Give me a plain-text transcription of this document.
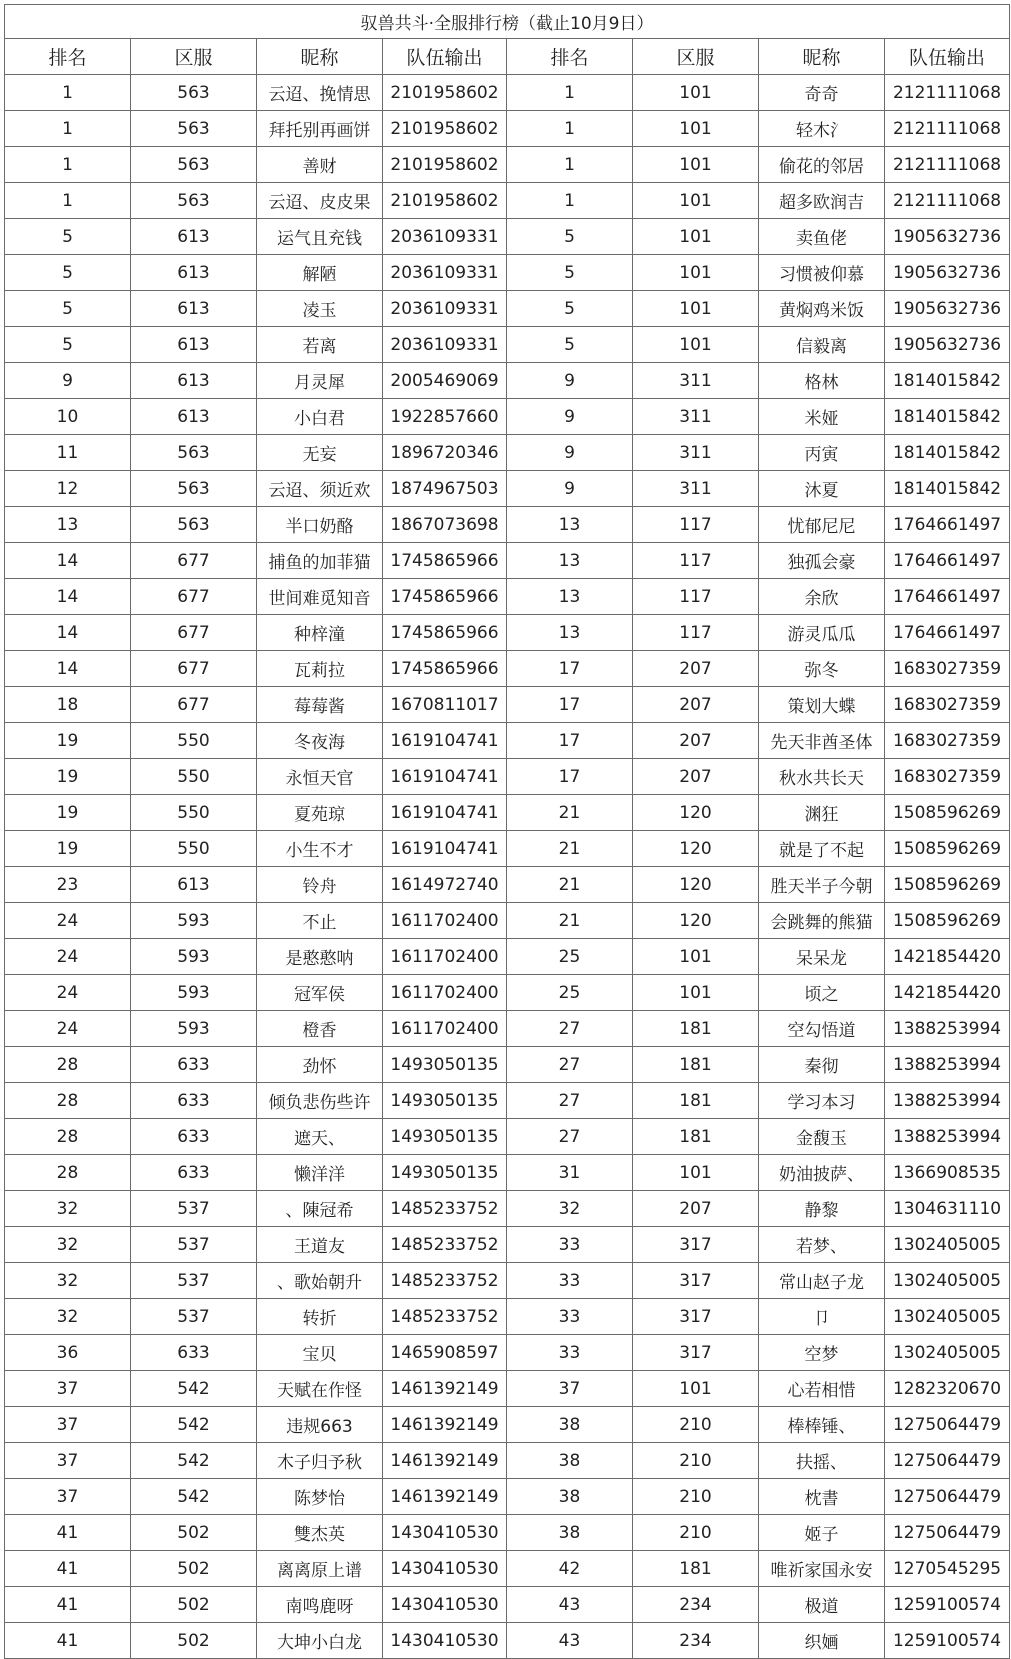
驭兽共斗·全服排行榜（截止10月9日）							
排名	区服	昵称	队伍输出	排名	区服	昵称	队伍输出
1	563	云迢、挽情思	2101958602	1	101	奇奇	2121111068
1	563	拜托别再画饼	2101958602	1	101	轻木氵	2121111068
1	563	善财	2101958602	1	101	偷花的邻居	2121111068
1	563	云迢、皮皮果	2101958602	1	101	超多欧润吉	2121111068
5	613	运气且充钱	2036109331	5	101	卖鱼佬	1905632736
5	613	解陋	2036109331	5	101	习惯被仰慕	1905632736
5	613	凌玉	2036109331	5	101	黄焖鸡米饭	1905632736
5	613	若离	2036109331	5	101	信毅离	1905632736
9	613	月灵犀	2005469069	9	311	格林	1814015842
10	613	小白君	1922857660	9	311	米娅	1814015842
11	563	无妄	1896720346	9	311	丙寅	1814015842
12	563	云迢、须近欢	1874967503	9	311	沐夏	1814015842
13	563	半口奶酪	1867073698	13	117	忧郁尼尼	1764661497
14	677	捕鱼的加菲猫	1745865966	13	117	独孤会豪	1764661497
14	677	世间难觅知音	1745865966	13	117	余欣	1764661497
14	677	种梓潼	1745865966	13	117	游灵瓜瓜	1764661497
14	677	瓦莉拉	1745865966	17	207	弥冬	1683027359
18	677	莓莓酱	1670811017	17	207	策划大蝶	1683027359
19	550	冬夜海	1619104741	17	207	先天非酋圣体	1683027359
19	550	永恒天官	1619104741	17	207	秋水共长天	1683027359
19	550	夏苑琼	1619104741	21	120	渊狂	1508596269
19	550	小生不才	1619104741	21	120	就是了不起	1508596269
23	613	铃舟	1614972740	21	120	胜天半子今朝	1508596269
24	593	不止	1611702400	21	120	会跳舞的熊猫	1508596269
24	593	是憨憨呐	1611702400	25	101	呆呆龙	1421854420
24	593	冠军侯	1611702400	25	101	顷之	1421854420
24	593	橙香	1611702400	27	181	空勾悟道	1388253994
28	633	劲怀	1493050135	27	181	秦彻	1388253994
28	633	倾负悲伤些许	1493050135	27	181	学习本习	1388253994
28	633	遮天、	1493050135	27	181	金馥玉	1388253994
28	633	懒洋洋	1493050135	31	101	奶油披萨、	1366908535
32	537	、陳冠希	1485233752	32	207	静黎	1304631110
32	537	王道友	1485233752	33	317	若梦、	1302405005
32	537	、歌始朝升	1485233752	33	317	常山赵子龙	1302405005
32	537	转折	1485233752	33	317	卩	1302405005
36	633	宝贝	1465908597	33	317	空梦	1302405005
37	542	天赋在作怪	1461392149	37	101	心若相惜	1282320670
37	542	违规663	1461392149	38	210	棒棒锤、	1275064479
37	542	木子归予秋	1461392149	38	210	扶摇、	1275064479
37	542	陈梦怡	1461392149	38	210	枕書	1275064479
41	502	雙杰英	1430410530	38	210	姬子	1275064479
41	502	离离原上谱	1430410530	42	181	唯祈家国永安	1270545295
41	502	南鸣鹿呀	1430410530	43	234	极道	1259100574
41	502	大坤小白龙	1430410530	43	234	织婳	1259100574
